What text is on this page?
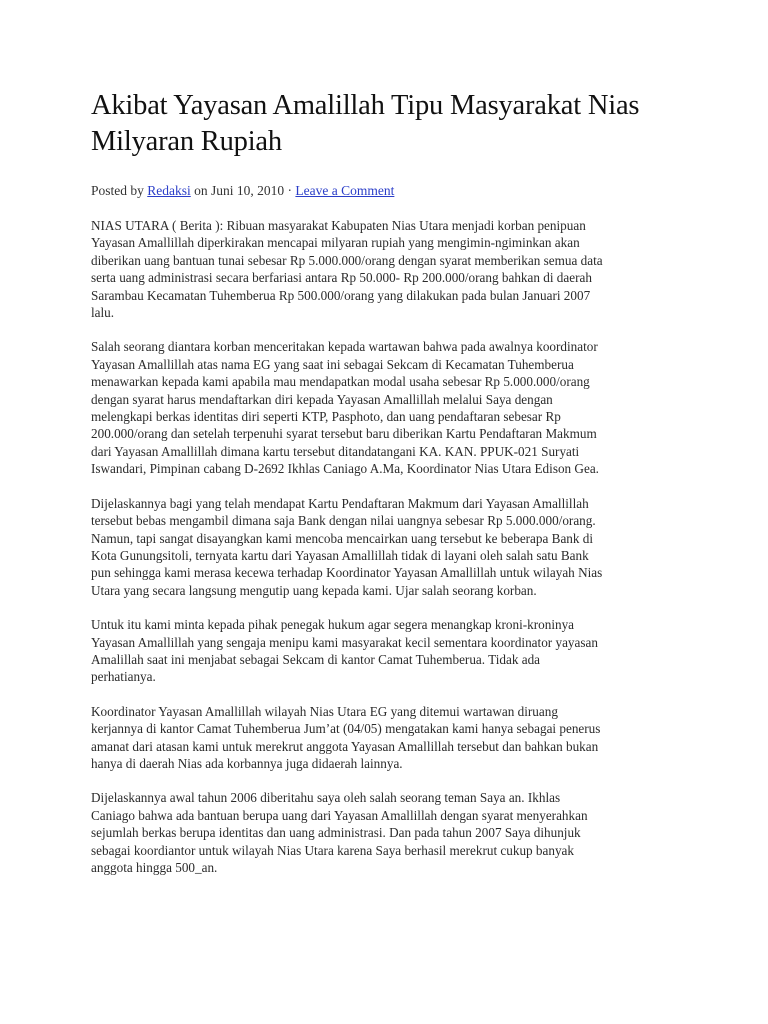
Akibat Yayasan Amalillah Tipu Masyarakat Nias Milyaran Rupiah
Posted by Redaksi on Juni 10, 2010 · Leave a Comment

NIAS UTARA ( Berita ): Ribuan masyarakat Kabupaten Nias Utara menjadi korban penipuan
Yayasan Amallillah diperkirakan mencapai milyaran rupiah yang mengimin-ngiminkan akan
diberikan uang bantuan tunai sebesar Rp 5.000.000/orang dengan syarat memberikan semua data
serta uang administrasi secara berfariasi antara Rp 50.000- Rp 200.000/orang bahkan di daerah
Sarambau Kecamatan Tuhemberua Rp 500.000/orang yang dilakukan pada bulan Januari 2007
lalu.

Salah seorang diantara korban menceritakan kepada wartawan bahwa pada awalnya koordinator
Yayasan Amallillah atas nama EG yang saat ini sebagai Sekcam di Kecamatan Tuhemberua
menawarkan kepada kami apabila mau mendapatkan modal usaha sebesar Rp 5.000.000/orang
dengan syarat harus mendaftarkan diri kepada Yayasan Amallillah melalui Saya dengan
melengkapi berkas identitas diri seperti KTP, Pasphoto, dan uang pendaftaran sebesar Rp
200.000/orang dan setelah terpenuhi syarat tersebut baru diberikan Kartu Pendaftaran Makmum
dari Yayasan Amallillah dimana kartu tersebut ditandatangani KA. KAN. PPUK-021 Suryati
Iswandari, Pimpinan cabang D-2692 Ikhlas Caniago A.Ma, Koordinator Nias Utara Edison Gea.

Dijelaskannya bagi yang telah mendapat Kartu Pendaftaran Makmum dari Yayasan Amallillah
tersebut bebas mengambil dimana saja Bank dengan nilai uangnya sebesar Rp 5.000.000/orang.
Namun, tapi sangat disayangkan kami mencoba mencairkan uang tersebut ke beberapa Bank di
Kota Gunungsitoli, ternyata kartu dari Yayasan Amallillah tidak di layani oleh salah satu Bank
pun sehingga kami merasa kecewa terhadap Koordinator Yayasan Amallillah untuk wilayah Nias
Utara yang secara langsung mengutip uang kepada kami. Ujar salah seorang korban.

Untuk itu kami minta kepada pihak penegak hukum agar segera menangkap kroni-kroninya
Yayasan Amallillah yang sengaja menipu kami masyarakat kecil sementara koordinator yayasan
Amalillah saat ini menjabat sebagai Sekcam di kantor Camat Tuhemberua. Tidak ada
perhatianya.

Koordinator Yayasan Amallillah wilayah Nias Utara EG yang ditemui wartawan diruang
kerjannya di kantor Camat Tuhemberua Jum’at (04/05) mengatakan kami hanya sebagai penerus
amanat dari atasan kami untuk merekrut anggota Yayasan Amallillah tersebut dan bahkan bukan
hanya di daerah Nias ada korbannya juga didaerah lainnya.

Dijelaskannya awal tahun 2006 diberitahu saya oleh salah seorang teman Saya an. Ikhlas
Caniago bahwa ada bantuan berupa uang dari Yayasan Amallillah dengan syarat menyerahkan
sejumlah berkas berupa identitas dan uang administrasi. Dan pada tahun 2007 Saya dihunjuk
sebagai koordiantor untuk wilayah Nias Utara karena Saya berhasil merekrut cukup banyak
anggota hingga 500_an.
